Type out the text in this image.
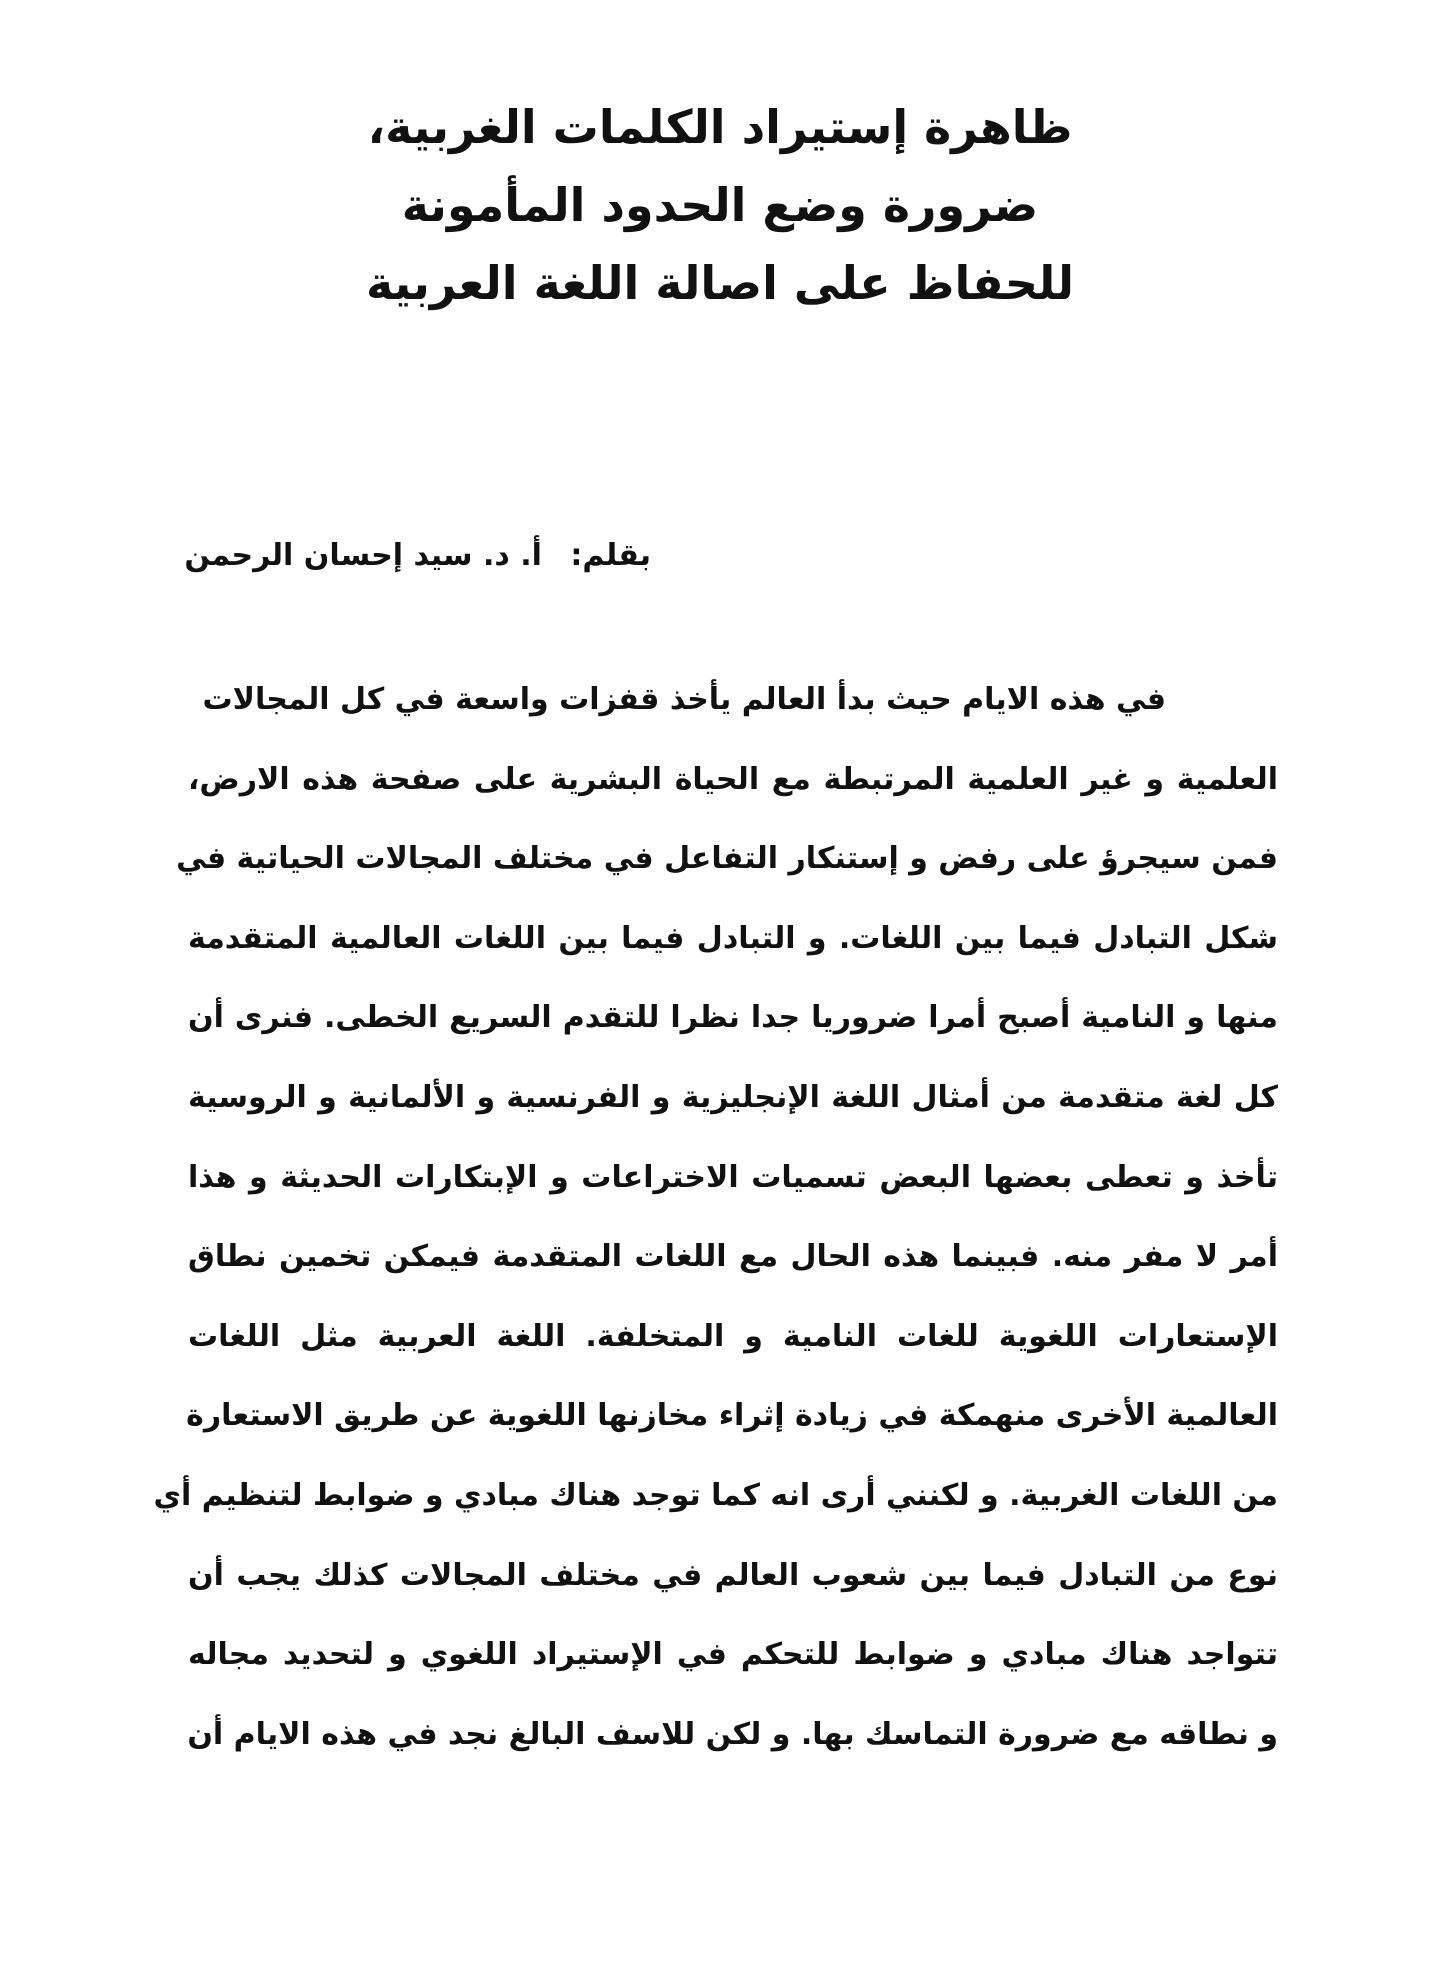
ظاهرة إستيراد الكلمات الغربية،

ضرورة وضع الحدود المأمونة

للحفاظ على اصالة اللغة العربية

بقلم: أ. د. سيد إحسان الرحمن

في هذه الايام حيث بدأ العالم يأخذ قفزات واسعة في كل المجالات

العلمية و غير العلمية المرتبطة مع الحياة البشرية على صفحة هذه الارض،

فمن سيجرؤ على رفض و إستنكار التفاعل في مختلف المجالات الحياتية في

شكل التبادل فيما بين اللغات. و التبادل فيما بين اللغات العالمية المتقدمة

منها و النامية أصبح أمرا ضروريا جدا نظرا للتقدم السريع الخطى. فنرى أن

كل لغة متقدمة من أمثال اللغة الإنجليزية و الفرنسية و الألمانية و الروسية

تأخذ و تعطى بعضها البعض تسميات الاختراعات و الإبتكارات الحديثة و هذا

أمر لا مفر منه. فبينما هذه الحال مع اللغات المتقدمة فيمكن تخمين نطاق

الإستعارات اللغوية للغات النامية و المتخلفة. اللغة العربية مثل اللغات

العالمية الأخرى منهمكة في زيادة إثراء مخازنها اللغوية عن طريق الاستعارة

من اللغات الغربية. و لكنني أرى انه كما توجد هناك مبادي و ضوابط لتنظيم أي

نوع من التبادل فيما بين شعوب العالم في مختلف المجالات كذلك يجب أن

تتواجد هناك مبادي و ضوابط للتحكم في الإستيراد اللغوي و لتحديد مجاله

و نطاقه مع ضرورة التماسك بها. و لكن للاسف البالغ نجد في هذه الايام أن
